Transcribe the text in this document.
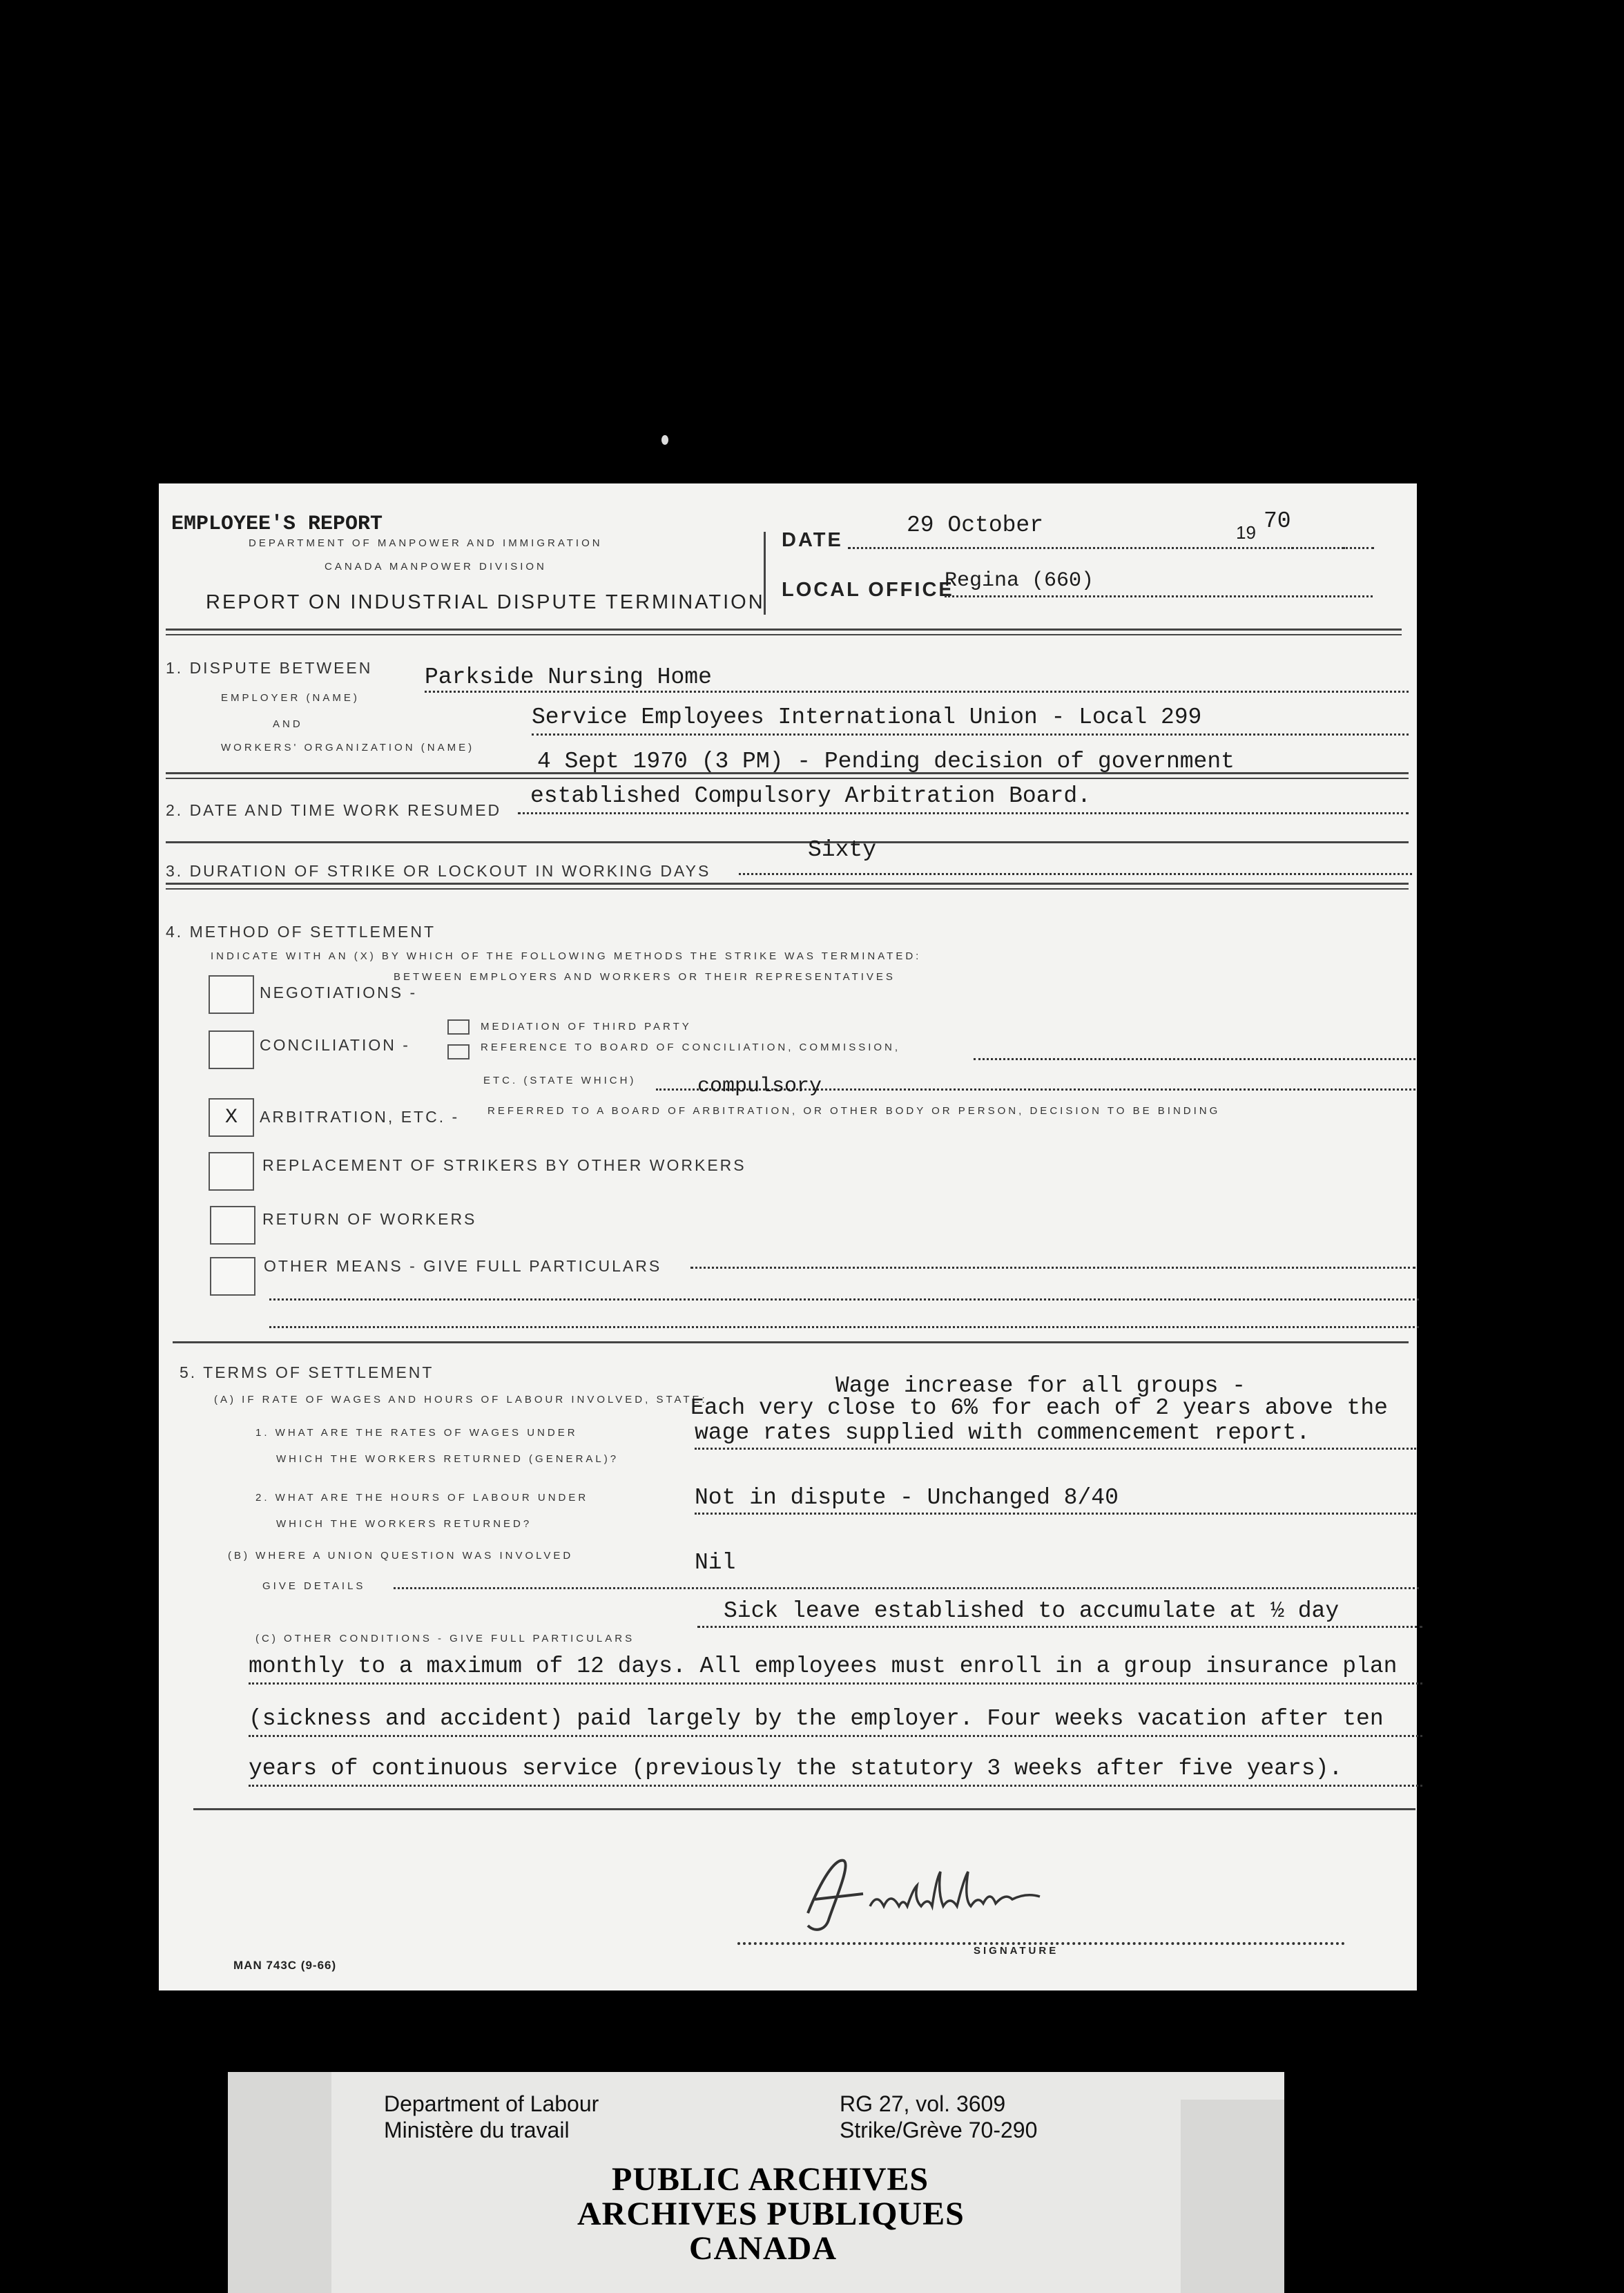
EMPLOYEE'S REPORT
DEPARTMENT OF MANPOWER AND IMMIGRATION
CANADA MANPOWER DIVISION
REPORT ON INDUSTRIAL DISPUTE TERMINATION
DATE
29 October	19 70
LOCAL OFFICE
Regina (660)
1. DISPUTE BETWEEN
EMPLOYER (NAME)
Parkside Nursing Home
AND
WORKERS' ORGANIZATION (NAME)
Service Employees International Union - Local 299
4 Sept 1970 (3 PM) - Pending decision of government
2. DATE AND TIME WORK RESUMED
established Compulsory Arbitration Board.
3. DURATION OF STRIKE OR LOCKOUT IN WORKING DAYS
Sixty
4. METHOD OF SETTLEMENT
INDICATE WITH AN (X) BY WHICH OF THE FOLLOWING METHODS THE STRIKE WAS TERMINATED:
NEGOTIATIONS -
BETWEEN EMPLOYERS AND WORKERS OR THEIR REPRESENTATIVES
CONCILIATION -
MEDIATION OF THIRD PARTY
REFERENCE TO BOARD OF CONCILIATION, COMMISSION,
ETC. (STATE WHICH)
X	ARBITRATION, ETC. -
compulsory
REFERRED TO A BOARD OF ARBITRATION, OR OTHER BODY OR PERSON, DECISION TO BE BINDING
REPLACEMENT OF STRIKERS BY OTHER WORKERS
RETURN OF WORKERS
OTHER MEANS - GIVE FULL PARTICULARS
5. TERMS OF SETTLEMENT
(A) IF RATE OF WAGES AND HOURS OF LABOUR INVOLVED, STATE:
Wage increase for all groups -
Each very close to 6% for each of 2 years above the
1. WHAT ARE THE RATES OF WAGES UNDER
WHICH THE WORKERS RETURNED (GENERAL)?
wage rates supplied with commencement report.
2. WHAT ARE THE HOURS OF LABOUR UNDER
WHICH THE WORKERS RETURNED?
Not in dispute - Unchanged 8/40
(B) WHERE A UNION QUESTION WAS INVOLVED
GIVE DETAILS
Nil
(C) OTHER CONDITIONS - GIVE FULL PARTICULARS
Sick leave established to accumulate at ½ day
monthly to a maximum of 12 days. All employees must enroll in a group insurance plan
(sickness and accident) paid largely by the employer. Four weeks vacation after ten
years of continuous service (previously the statutory 3 weeks after five years).
Amitchell
SIGNATURE
MAN 743C (9-66)
Department of Labour
Ministère du travail
RG 27, vol. 3609
Strike/Grève 70-290
PUBLIC ARCHIVES
ARCHIVES PUBLIQUES
CANADA
